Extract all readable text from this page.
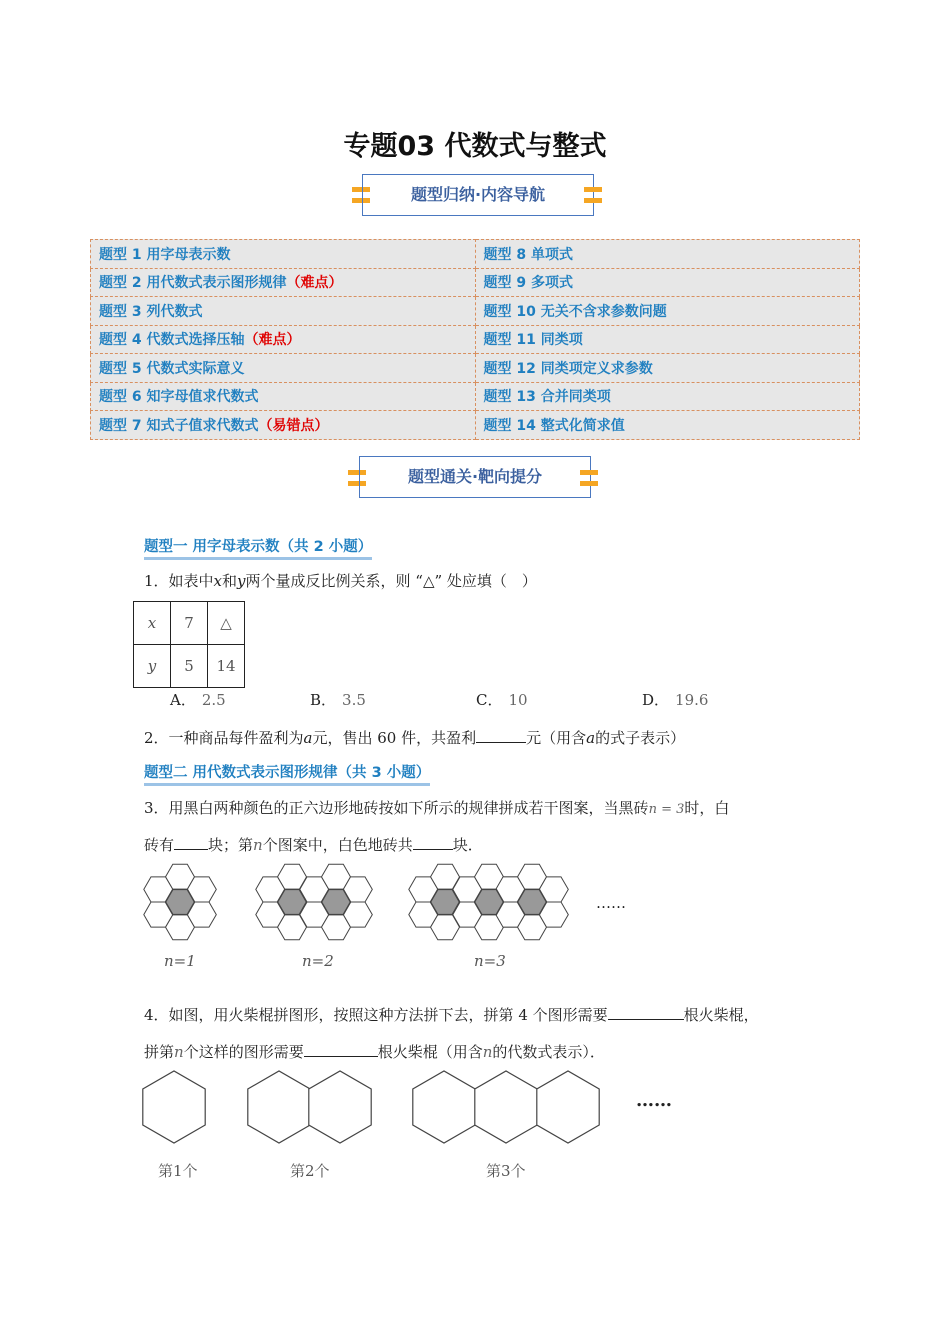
专题03 代数式与整式
题型归纳·内容导航
题型 1 用字母表示数	题型 8 单项式
题型 2 用代数式表示图形规律（难点）	题型 9 多项式
题型 3 列代数式	题型 10 无关不含求参数问题
题型 4 代数式选择压轴（难点）	题型 11 同类项
题型 5 代数式实际意义	题型 12 同类项定义求参数
题型 6 知字母值求代数式	题型 13 合并同类项
题型 7 知式子值求代数式（易错点）	题型 14 整式化简求值
题型通关·靶向提分
题型一 用字母表示数（共 2 小题）
1．如表中x和y两个量成反比例关系，则 “△” 处应填（　）
x	7	△
y	5	14
A． 2.5	B． 3.5	C． 10	D． 19.6
2．一种商品每件盈利为a元，售出 60 件，共盈利	元（用含a的式子表示）
题型二 用代数式表示图形规律（共 3 小题）
3．用黑白两种颜色的正六边形地砖按如下所示的规律拼成若干图案，当黑砖n = 3时，白
砖有 块；第n个图案中，白色地砖共	块．
n=1	n=2	n=3
……
4．如图，用火柴棍拼图形，按照这种方法拼下去，拼第 4 个图形需要	根火柴棍，
拼第n个这样的图形需要	根火柴棍（用含n的代数式表示）．
……
第1个	第2个	第3个
